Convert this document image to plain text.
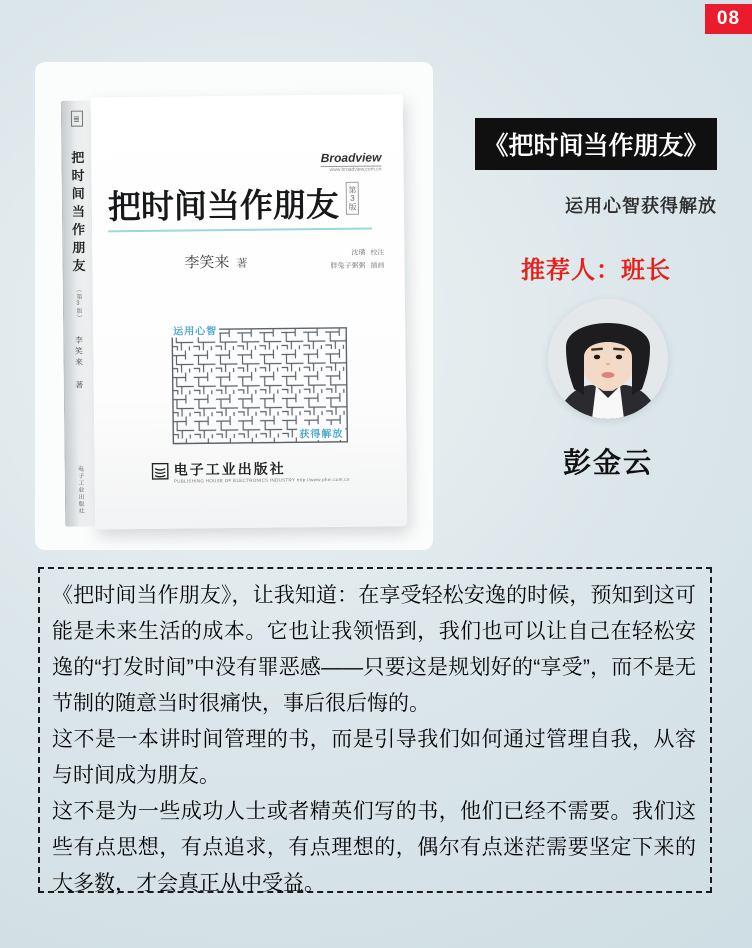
08
≣
把时间当作朋友
（第3版）
李笑来 著
电子工业出版社
Broadview
www.broadview.com.cn
把时间当作朋友 第3版
李笑来 著
沈璜 校注
胖兔子粥粥 插画
运用心智
获得解放
电子工业出版社
PUBLISHING HOUSE OF ELECTRONICS INDUSTRY http://www.phei.com.cn
《把时间当作朋友》
运用心智获得解放
推荐人：班长
彭金云

《把时间当作朋友》，让我知道：在享受轻松安逸的时候，预知到这可能是未来生活的成本。它也让我领悟到，我们也可以让自己在轻松安逸的“打发时间”中没有罪恶感——只要这是规划好的“享受”，而不是无节制的随意当时很痛快，事后很后悔的。

这不是一本讲时间管理的书，而是引导我们如何通过管理自我，从容与时间成为朋友。

这不是为一些成功人士或者精英们写的书，他们已经不需要。我们这些有点思想，有点追求，有点理想的，偶尔有点迷茫需要坚定下来的大多数，才会真正从中受益。
